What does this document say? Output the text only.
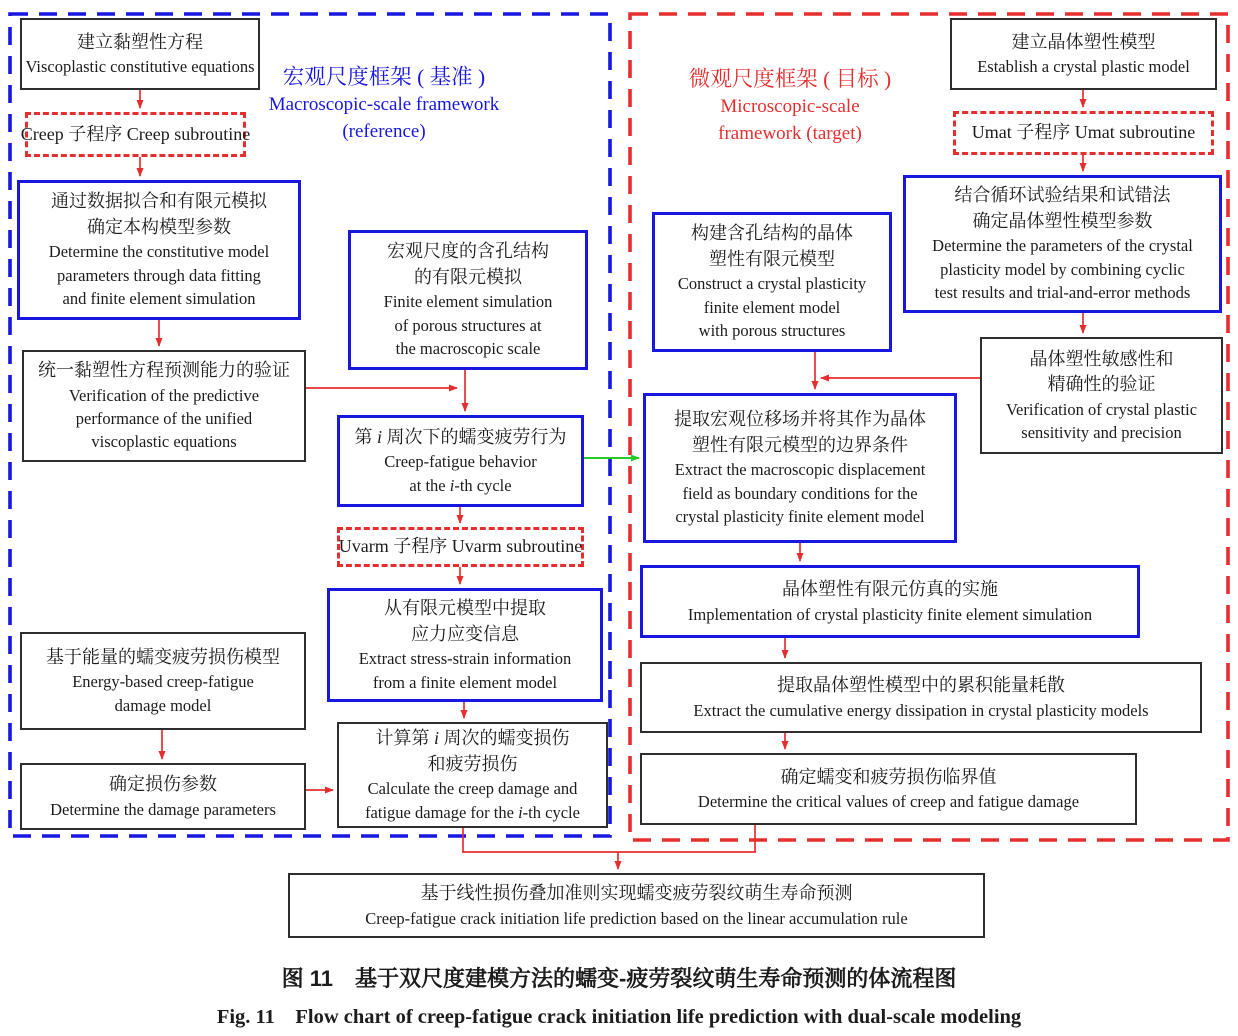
宏观尺度框架 ( 基准 )
Macroscopic-scale framework
(reference)
微观尺度框架 ( 目标 )
Microscopic-scale
framework (target)
建立黏塑性方程
Viscoplastic constitutive equations
Creep 子程序 Creep subroutine
通过数据拟合和有限元模拟
确定本构模型参数
Determine the constitutive model
parameters through data fitting
and finite element simulation
统一黏塑性方程预测能力的验证
Verification of the predictive
performance of the unified
viscoplastic equations
基于能量的蠕变疲劳损伤模型
Energy-based creep-fatigue
damage model
确定损伤参数
Determine the damage parameters
宏观尺度的含孔结构
的有限元模拟
Finite element simulation
of porous structures at
the macroscopic scale
第 i 周次下的蠕变疲劳行为
Creep-fatigue behavior
at the i-th cycle
Uvarm 子程序 Uvarm subroutine
从有限元模型中提取
应力应变信息
Extract stress-strain information
from a finite element model
计算第 i 周次的蠕变损伤
和疲劳损伤
Calculate the creep damage and
fatigue damage for the i-th cycle
建立晶体塑性模型
Establish a crystal plastic model
Umat 子程序 Umat subroutine
结合循环试验结果和试错法
确定晶体塑性模型参数
Determine the parameters of the crystal
plasticity model by combining cyclic
test results and trial-and-error methods
构建含孔结构的晶体
塑性有限元模型
Construct a crystal plasticity
finite element model
with porous structures
晶体塑性敏感性和
精确性的验证
Verification of crystal plastic
sensitivity and precision
提取宏观位移场并将其作为晶体
塑性有限元模型的边界条件
Extract the macroscopic displacement
field as boundary conditions for the
crystal plasticity finite element model
晶体塑性有限元仿真的实施
Implementation of crystal plasticity finite element simulation
提取晶体塑性模型中的累积能量耗散
Extract the cumulative energy dissipation in crystal plasticity models
确定蠕变和疲劳损伤临界值
Determine the critical values of creep and fatigue damage
基于线性损伤叠加准则实现蠕变疲劳裂纹萌生寿命预测
Creep-fatigue crack initiation life prediction based on the linear accumulation rule
图 11　基于双尺度建模方法的蠕变-疲劳裂纹萌生寿命预测的体流程图
Fig. 11　Flow chart of creep-fatigue crack initiation life prediction with dual-scale modeling
